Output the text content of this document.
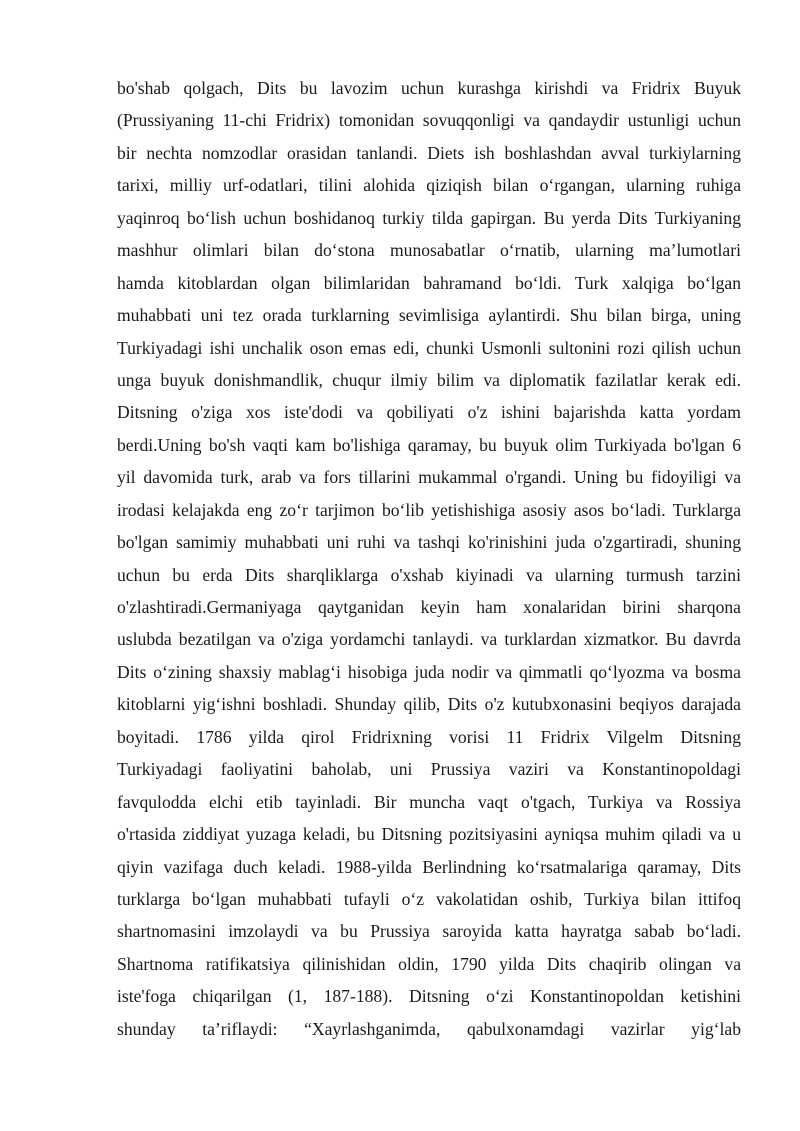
bo'shab qolgach, Dits bu lavozim uchun kurashga kirishdi va Fridrix Buyuk
(Prussiyaning 11-chi Fridrix) tomonidan sovuqqonligi va qandaydir ustunligi uchun
bir nechta nomzodlar orasidan tanlandi. Diets ish boshlashdan avval turkiylarning
tarixi, milliy urf-odatlari, tilini alohida qiziqish bilan oʻrgangan, ularning ruhiga
yaqinroq boʻlish uchun boshidanoq turkiy tilda gapirgan. Bu yerda Dits Turkiyaning
mashhur olimlari bilan doʻstona munosabatlar oʻrnatib, ularning maʼlumotlari
hamda kitoblardan olgan bilimlaridan bahramand boʻldi. Turk xalqiga boʻlgan
muhabbati uni tez orada turklarning sevimlisiga aylantirdi. Shu bilan birga, uning
Turkiyadagi ishi unchalik oson emas edi, chunki Usmonli sultonini rozi qilish uchun
unga buyuk donishmandlik, chuqur ilmiy bilim va diplomatik fazilatlar kerak edi.
Ditsning o'ziga xos iste'dodi va qobiliyati o'z ishini bajarishda katta yordam
berdi.Uning bo'sh vaqti kam bo'lishiga qaramay, bu buyuk olim Turkiyada bo'lgan 6
yil davomida turk, arab va fors tillarini mukammal o'rgandi. Uning bu fidoyiligi va
irodasi kelajakda eng zoʻr tarjimon boʻlib yetishishiga asosiy asos boʻladi. Turklarga
bo'lgan samimiy muhabbati uni ruhi va tashqi ko'rinishini juda o'zgartiradi, shuning
uchun bu erda Dits sharqliklarga o'xshab kiyinadi va ularning turmush tarzini
o'zlashtiradi.Germaniyaga qaytganidan keyin ham xonalaridan birini sharqona
uslubda bezatilgan va o'ziga yordamchi tanlaydi. va turklardan xizmatkor. Bu davrda
Dits oʻzining shaxsiy mablagʻi hisobiga juda nodir va qimmatli qoʻlyozma va bosma
kitoblarni yigʻishni boshladi. Shunday qilib, Dits o'z kutubxonasini beqiyos darajada
boyitadi. 1786 yilda qirol Fridrixning vorisi 11 Fridrix Vilgelm Ditsning
Turkiyadagi faoliyatini baholab, uni Prussiya vaziri va Konstantinopoldagi
favqulodda elchi etib tayinladi. Bir muncha vaqt o'tgach, Turkiya va Rossiya
o'rtasida ziddiyat yuzaga keladi, bu Ditsning pozitsiyasini ayniqsa muhim qiladi va u
qiyin vazifaga duch keladi. 1988-yilda Berlindning koʻrsatmalariga qaramay, Dits
turklarga boʻlgan muhabbati tufayli oʻz vakolatidan oshib, Turkiya bilan ittifoq
shartnomasini imzolaydi va bu Prussiya saroyida katta hayratga sabab boʻladi.
Shartnoma ratifikatsiya qilinishidan oldin, 1790 yilda Dits chaqirib olingan va
iste'foga chiqarilgan (1, 187-188). Ditsning oʻzi Konstantinopoldan ketishini
shunday taʼriflaydi: “Xayrlashganimda, qabulxonamdagi vazirlar yigʻlab
